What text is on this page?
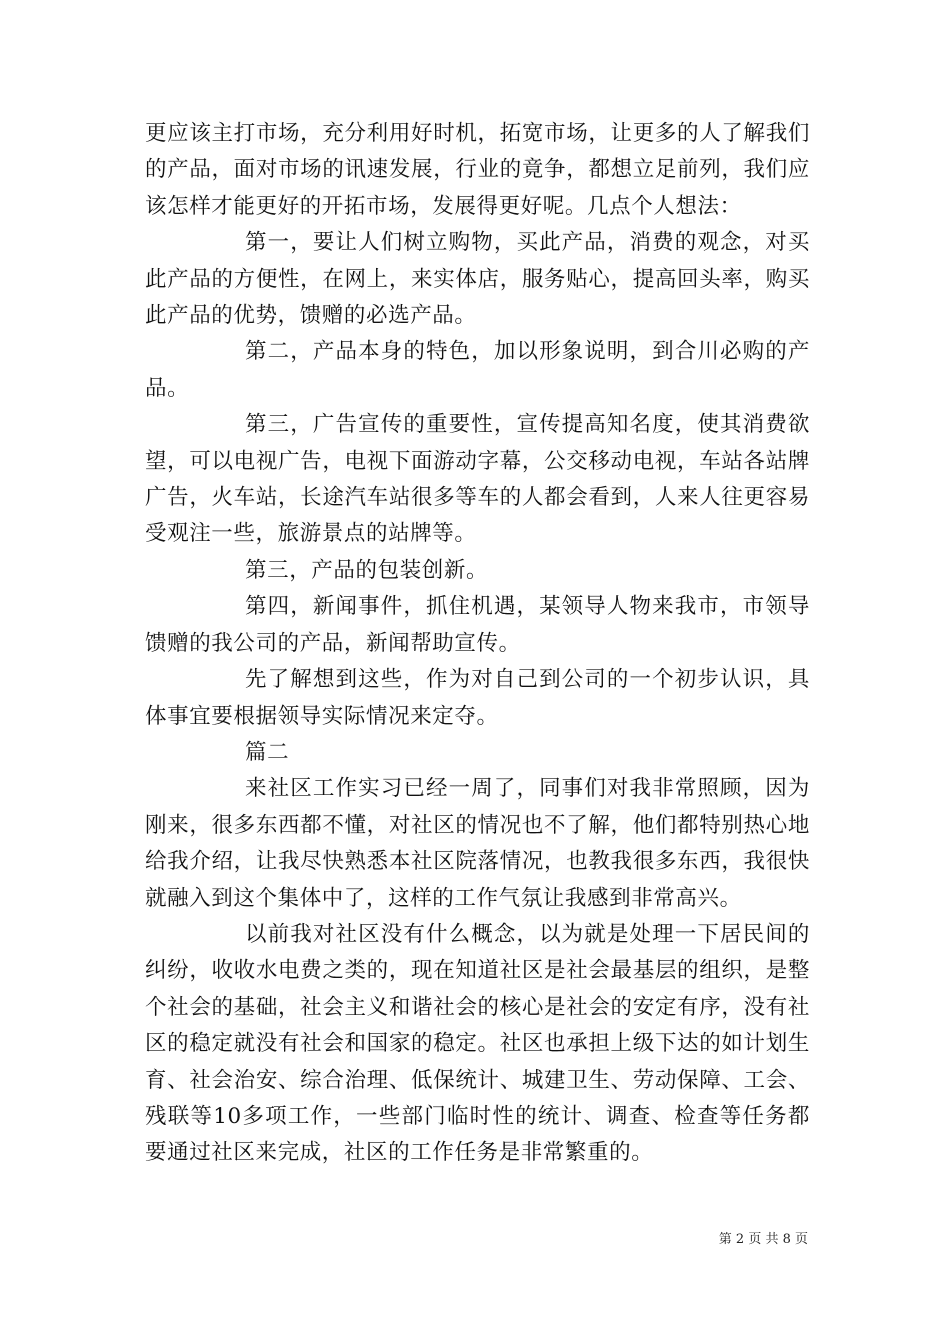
更应该主打市场，充分利用好时机，拓宽市场，让更多的人了解我们的产品，面对市场的讯速发展，行业的竟争，都想立足前列，我们应该怎样才能更好的开拓市场，发展得更好呢。几点个人想法：

第一，要让人们树立购物，买此产品，消费的观念，对买此产品的方便性，在网上，来实体店，服务贴心，提高回头率，购买此产品的优势，馈赠的必选产品。

第二，产品本身的特色，加以形象说明，到合川必购的产品。

第三，广告宣传的重要性，宣传提高知名度，使其消费欲望，可以电视广告，电视下面游动字幕，公交移动电视，车站各站牌广告，火车站，长途汽车站很多等车的人都会看到，人来人往更容易受观注一些，旅游景点的站牌等。

第三，产品的包装创新。

第四，新闻事件，抓住机遇，某领导人物来我市，市领导馈赠的我公司的产品，新闻帮助宣传。

先了解想到这些，作为对自己到公司的一个初步认识，具体事宜要根据领导实际情况来定夺。

篇二

来社区工作实习已经一周了，同事们对我非常照顾，因为刚来，很多东西都不懂，对社区的情况也不了解，他们都特别热心地给我介绍，让我尽快熟悉本社区院落情况，也教我很多东西，我很快就融入到这个集体中了，这样的工作气氛让我感到非常高兴。

以前我对社区没有什么概念，以为就是处理一下居民间的纠纷，收收水电费之类的，现在知道社区是社会最基层的组织，是整个社会的基础，社会主义和谐社会的核心是社会的安定有序，没有社区的稳定就没有社会和国家的稳定。社区也承担上级下达的如计划生育、社会治安、综合治理、低保统计、城建卫生、劳动保障、工会、残联等10多项工作，一些部门临时性的统计、调查、检查等任务都要通过社区来完成，社区的工作任务是非常繁重的。

第 2 页 共 8 页
